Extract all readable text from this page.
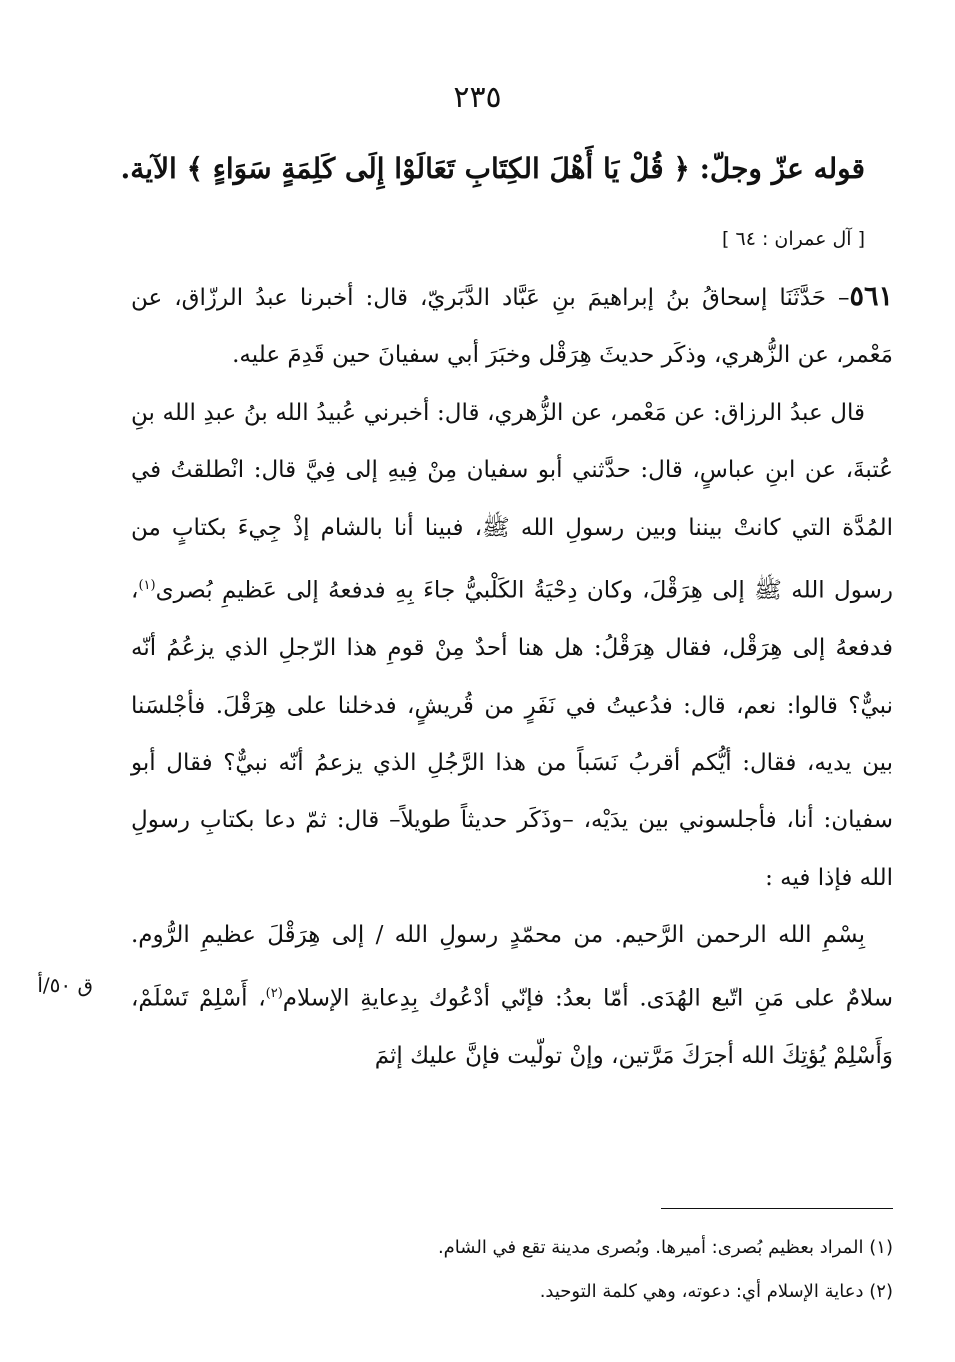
٢٣٥
قوله عزّ وجلّ: ﴿ قُلْ يَا أَهْلَ الكِتَابِ تَعَالَوْا إِلَى كَلِمَةٍ سَوَاءٍ ﴾ الآية.
[ آل عمران : ٦٤ ]

٥٦١– حَدَّثَنَا إسحاقُ بنُ إبراهيمَ بنِ عَبَّاد الدَّبَريّ، قال: أخبرنا عبدُ الرزّاق، عن مَعْمر، عن الزُّهري، وذكَر حديثَ هِرَقْل وخبَرَ أبي سفيانَ حين قَدِمَ عليه.

قال عبدُ الرزاق: عن مَعْمر، عن الزُّهري، قال: أخبرني عُبيدُ الله بنُ عبدِ الله بنِ عُتبةَ، عن ابنِ عباسٍ، قال: حدَّثني أبو سفيان مِنْ فِيهِ إلى فِيَّ قال: انْطلقتُ في المُدَّة التي كانتْ بيننا وبين رسولِ الله ﷺ، فبينا أنا بالشام إذْ جِيءَ بكتابٍ من رسول الله ﷺ إلى هِرَقْلَ، وكان دِحْيَةُ الكَلْبيُّ جاءَ بِهِ فدفعهُ إلى عَظيمِ بُصرى$^{(١)}$، فدفعهُ إلى هِرَقْل، فقال هِرَقْلُ: هل هنا أحدٌ مِنْ قومِ هذا الرّجلِ الذي يزعُمُ أنّه نبيٌّ؟ قالوا: نعم، قال: فدُعيتُ في نَفَرٍ من قُريشٍ، فدخلنا على هِرَقْلَ. فأجْلسَنا بين يديه، فقال: أيُّكم أقربُ نَسَباً من هذا الرَّجُلِ الذي يزعمُ أنّه نبيٌّ؟ فقال أبو سفيان: أنا، فأجلسوني بين يدَيْه، –وذَكَر حديثاً طويلاً– قال: ثمّ دعا بكتابِ رسولِ الله فإذا فيه :

بِسْمِ الله الرحمن الرَّحيم. من محمّدٍ رسولِ الله / إلى هِرَقْلَ عظيمِ الرُّوم. سلامٌ على مَنِ اتّبع الهُدَى. أمّا بعدُ: فإنّي أدْعُوك بِدِعايةِ الإسلام$^{(٢)}$، أَسْلِمْ تَسْلَمْ، وَأَسْلِمْ يُؤتِكَ الله أجرَكَ مَرَّتين، وإنْ تولّيت فإنَّ عليك إثمَ

ق ٥٠/أ

(١) المراد بعظيم بُصرى: أميرها. وبُصرى مدينة تقع في الشام.

(٢) دعاية الإسلام أي: دعوته، وهي كلمة التوحيد.
